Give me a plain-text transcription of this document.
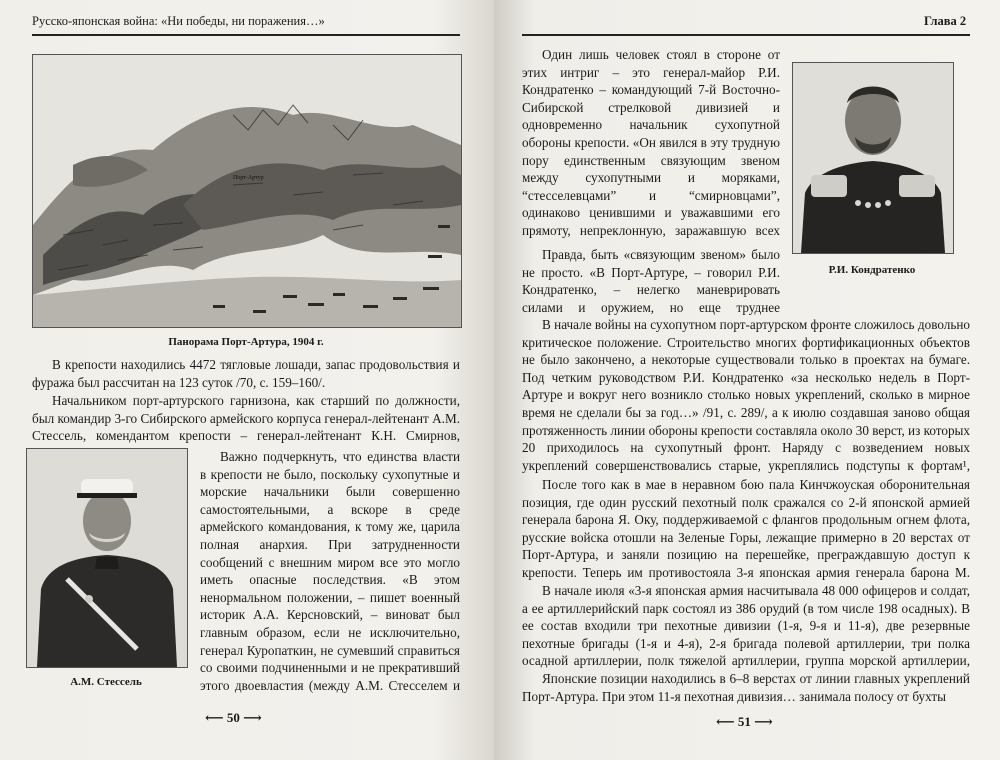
Русско-японская война: «Ни победы, ни поражения…»
Порт-Артур
Панорама Порт-Артура, 1904 г.

В крепости находились 4472 тягловые лошади, запас продовольствия и фуража был рассчитан на 123 суток /70, с. 159–160/.

Начальником порт-артурского гарнизона, как старший по должности, был командир 3-го Сибирского армейского корпуса генерал-лейтенант А.М. Стессель, комендантом крепости – генерал-лейтенант К.Н. Смирнов,

А.М. Стессель

Важно подчеркнуть, что единства власти в крепости не было, поскольку сухопутные и морские начальники были совершенно самостоятельными, а вскоре в среде армейского командования, к тому же, царила полная анархия. При затрудненности сообщений с внешним миром все это могло иметь опасные последствия. «В этом ненормальном положении, – пишет военный историк А.А. Керсновский, – виноват был главным образом, если не исключительно, генерал Куропаткин, не сумевший справиться со своими подчиненными и не прекративший этого двоевластия (между А.М. Стесселем и

⟵ 50 ⟶
Глава 2

Один лишь человек стоял в стороне от этих интриг – это генерал-майор Р.И. Кондратенко – командующий 7-й Восточно-Сибирской стрелковой дивизией и одновременно начальник сухопутной обороны крепости. «Он явился в эту трудную пору единственным связующим звеном между сухопутными и моряками, “стесселевцами” и “смирновцами”, одинаково ценившими и уважавшими его прямоту, непреклонную, заражавшую всех

Р.И. Кондратенко

Правда, быть «связующим звеном» было не просто. «В Порт-Артуре, – говорил Р.И. Кондратенко, – нелегко маневрировать силами и оружием, но еще труднее

В начале войны на сухопутном порт-артурском фронте сложилось довольно критическое положение. Строительство многих фортификационных объектов не было закончено, а некоторые существовали только в проектах на бумаге. Под четким руководством Р.И. Кондратенко «за несколько недель в Порт-Артуре и вокруг него возникло столько новых укреплений, сколько в мирное время не сделали бы за год…» /91, с. 289/, а к июлю создавшая заново общая протяженность линии обороны крепости составляла около 30 верст, из которых 20 приходилось на сухопутный фронт. Наряду с возведением новых укреплений совершенствовались старые, укреплялись подступы к фортам¹,

После того как в мае в неравном бою пала Кинчжоуская оборонительная позиция, где один русский пехотный полк сражался со 2-й японской армией генерала барона Я. Оку, поддерживаемой с флангов продольным огнем флота, русские войска отошли на Зеленые Горы, лежащие примерно в 20 верстах от Порт-Артура, и заняли позицию на перешейке, преграждавшую доступ к крепости. Теперь им противостояла 3-я японская армия генерала барона М.

В начале июля «3-я японская армия насчитывала 48 000 офицеров и солдат, а ее артиллерийский парк состоял из 386 орудий (в том числе 198 осадных). В ее состав входили три пехотные дивизии (1-я, 9-я и 11-я), две резервные пехотные бригады (1-я и 4-я), 2-я бригада полевой артиллерии, три полка осадной артиллерии, полк тяжелой артиллерии, группа морской артиллерии,

Японские позиции находились в 6–8 верстах от линии главных укреплений Порт-Артура. При этом 11-я пехотная дивизия… занимала полосу от бухты

⟵ 51 ⟶
